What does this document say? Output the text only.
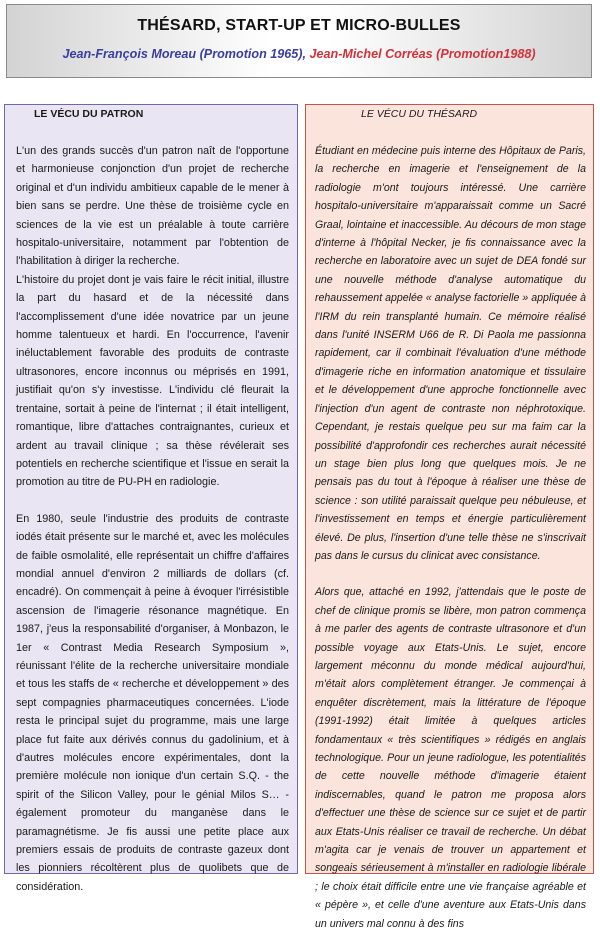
THÉSARD, START-UP ET MICRO-BULLES
Jean-François Moreau (Promotion 1965), Jean-Michel Corréas (Promotion1988)
LE VÉCU DU PATRON

L'un des grands succès d'un patron naît de l'opportune et harmonieuse conjonction d'un projet de recherche original et d'un individu ambitieux capable de le mener à bien sans se perdre. Une thèse de troisième cycle en sciences de la vie est un préalable à toute carrière hospitalo-universitaire, notamment par l'obtention de l'habilitation à diriger la recherche.

L'histoire du projet dont je vais faire le récit initial, illustre la part du hasard et de la nécessité dans l'accomplissement d'une idée novatrice par un jeune homme talentueux et hardi. En l'occurrence, l'avenir inéluctablement favorable des produits de contraste ultrasonores, encore inconnus ou méprisés en 1991, justifiait qu'on s'y investisse. L'individu clé fleurait la trentaine, sortait à peine de l'internat ; il était intelligent, romantique, libre d'attaches contraignantes, curieux et ardent au travail clinique ; sa thèse révélerait ses potentiels en recherche scientifique et l'issue en serait la promotion au titre de PU-PH en radiologie.

En 1980, seule l'industrie des produits de contraste iodés était présente sur le marché et, avec les molécules de faible osmolalité, elle représentait un chiffre d'affaires mondial annuel d'environ 2 milliards de dollars (cf. encadré). On commençait à peine à évoquer l'irrésistible ascension de l'imagerie résonance magnétique. En 1987, j'eus la responsabilité d'organiser, à Monbazon, le 1er « Contrast Media Research Symposium », réunissant l'élite de la recherche universitaire mondiale et tous les staffs de « recherche et développement » des sept compagnies pharmaceutiques concernées. L'iode resta le principal sujet du programme, mais une large place fut faite aux dérivés connus du gadolinium, et à d'autres molécules encore expérimentales, dont la première molécule non ionique d'un certain S.Q. - the spirit of the Silicon Valley, pour le génial Milos S… - également promoteur du manganèse dans le paramagnétisme. Je fis aussi une petite place aux premiers essais de produits de contraste gazeux dont les pionniers récoltèrent plus de quolibets que de considération.

LE VÉCU DU THÉSARD

Étudiant en médecine puis interne des Hôpitaux de Paris, la recherche en imagerie et l'enseignement de la radiologie m'ont toujours intéressé. Une carrière hospitalo-universitaire m'apparaissait comme un Sacré Graal, lointaine et inaccessible. Au décours de mon stage d'interne à l'hôpital Necker, je fis connaissance avec la recherche en laboratoire avec un sujet de DEA fondé sur une nouvelle méthode d'analyse automatique du rehaussement appelée « analyse factorielle » appliquée à l'IRM du rein transplanté humain. Ce mémoire réalisé dans l'unité INSERM U66 de R. Di Paola me passionna rapidement, car il combinait l'évaluation d'une méthode d'imagerie riche en information anatomique et tissulaire et le développement d'une approche fonctionnelle avec l'injection d'un agent de contraste non néphrotoxique. Cependant, je restais quelque peu sur ma faim car la possibilité d'approfondir ces recherches aurait nécessité un stage bien plus long que quelques mois. Je ne pensais pas du tout à l'époque à réaliser une thèse de science : son utilité paraissait quelque peu nébuleuse, et l'investissement en temps et énergie particulièrement élevé. De plus, l'insertion d'une telle thèse ne s'inscrivait pas dans le cursus du clinicat avec consistance.

Alors que, attaché en 1992, j'attendais que le poste de chef de clinique promis se libère, mon patron commença à me parler des agents de contraste ultrasonore et d'un possible voyage aux Etats-Unis. Le sujet, encore largement méconnu du monde médical aujourd'hui, m'était alors complètement étranger. Je commençai à enquêter discrètement, mais la littérature de l'époque (1991-1992) était limitée à quelques articles fondamentaux « très scientifiques » rédigés en anglais technologique. Pour un jeune radiologue, les potentialités de cette nouvelle méthode d'imagerie étaient indiscernables, quand le patron me proposa alors d'effectuer une thèse de science sur ce sujet et de partir aux Etats-Unis réaliser ce travail de recherche. Un débat m'agita car je venais de trouver un appartement et songeais sérieusement à m'installer en radiologie libérale ; le choix était difficile entre une vie française agréable et « pépère », et celle d'une aventure aux Etats-Unis dans un univers mal connu à des fins
